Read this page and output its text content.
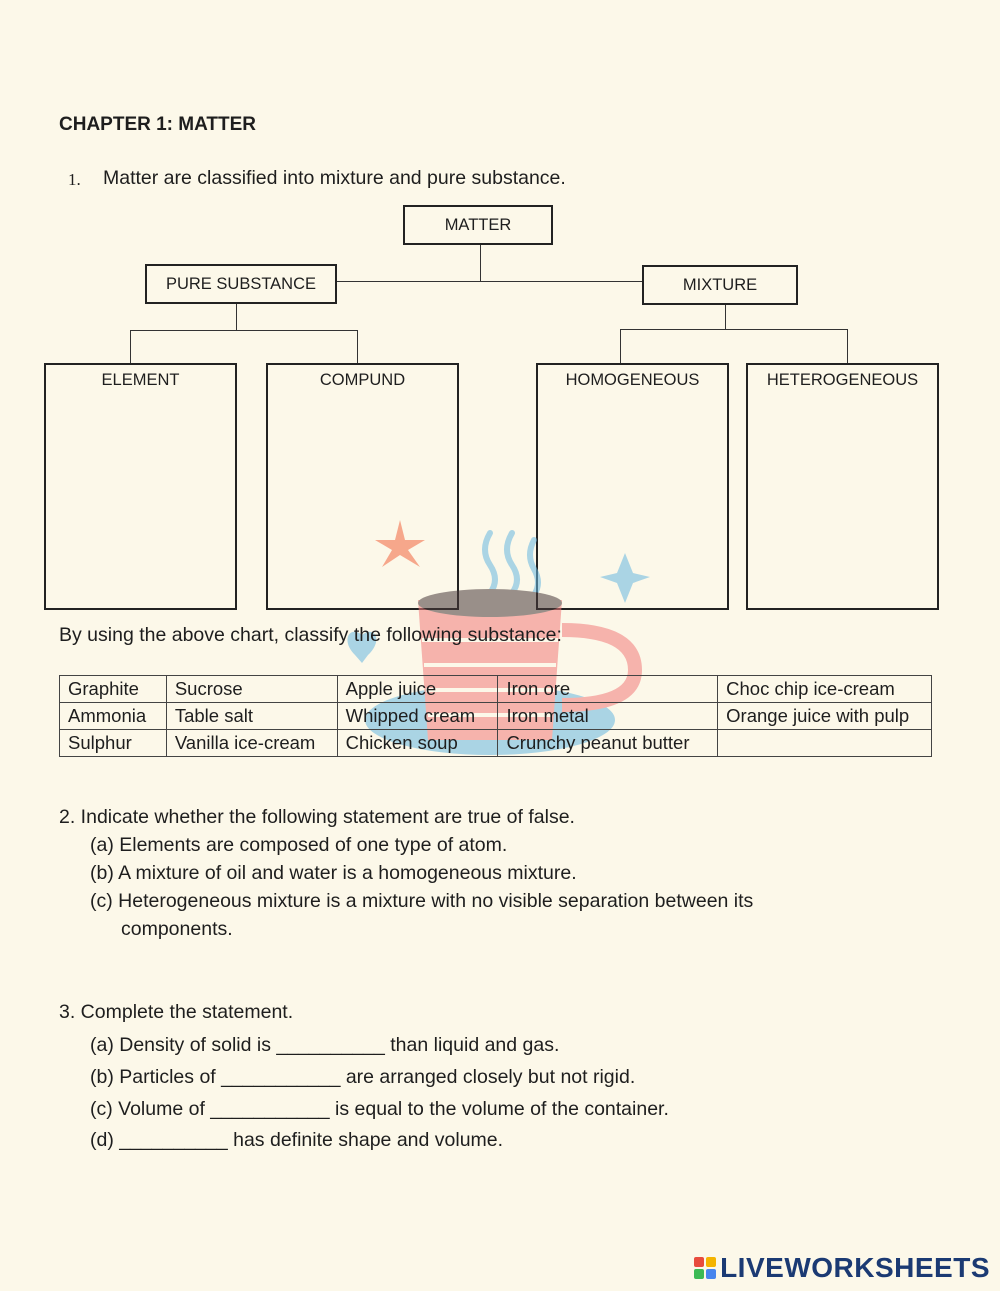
CHAPTER 1: MATTER
1. Matter are classified into mixture and pure substance.
MATTER
PURE SUBSTANCE	MIXTURE
ELEMENT	COMPUND	HOMOGENEOUS	HETEROGENEOUS
By using the above chart, classify the following substance:
Graphite	Sucrose	Apple juice	Iron ore	Choc chip ice-cream
Ammonia	Table salt	Whipped cream	Iron metal	Orange juice with pulp
Sulphur	Vanilla ice-cream	Chicken soup	Crunchy peanut butter	
2. Indicate whether the following statement are true of false.
(a) Elements are composed of one type of atom.
(b) A mixture of oil and water is a homogeneous mixture.
(c) Heterogeneous mixture is a mixture with no visible separation between its
components.
3. Complete the statement.
(a) Density of solid is __________ than liquid and gas.
(b) Particles of ___________ are arranged closely but not rigid.
(c) Volume of ___________ is equal to the volume of the container.
(d) __________ has definite shape and volume.
LIVEWORKSHEETS
